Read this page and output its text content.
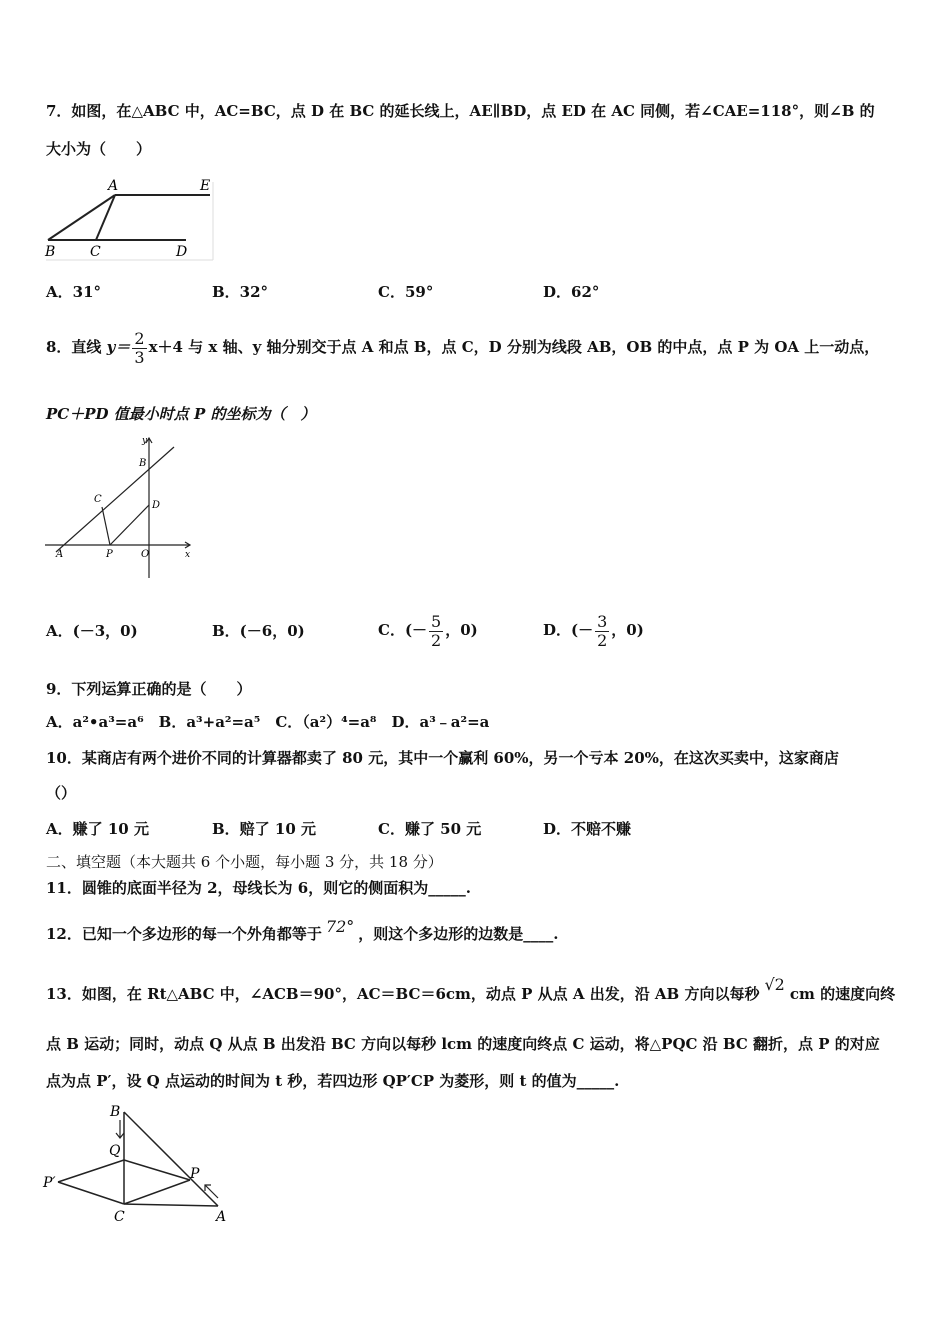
7．如图，在△ABC 中，AC=BC，点 D 在 BC 的延长线上，AE∥BD，点 ED 在 AC 同侧，若∠CAE=118°，则∠B 的
大小为（　　）
A	E
B C	D
A．31°	B．32°	C．59°	D．62°
8．直线 $y= \frac{2}{3} x+4$ 与 x 轴、y 轴分别交于点 A 和点 B，点 C，D 分别为线段 AB，OB 的中点，点 P 为 OA 上一动点，
PC＋PD 值最小时点 P 的坐标为（　）
y
B
C
D
A	P	O	x
A．(－3，0)	B．(－6，0)	C．(－ $\frac{5}{2}$ ，0)	D．(－ $\frac{3}{2}$ ，0)
9．下列运算正确的是（　　）
A．a²•a³=a⁶　B．a³+a²=a⁵　C．（a²）⁴=a⁸　D．a³﹣a²=a
10．某商店有两个进价不同的计算器都卖了 80 元，其中一个赢利 60%，另一个亏本 20%，在这次买卖中，这家商店
（）
A．赚了 10 元	B．赔了 10 元	C．赚了 50 元	D．不赔不赚
二、填空题（本大题共 6 个小题，每小题 3 分，共 18 分）
11．圆锥的底面半径为 2，母线长为 6，则它的侧面积为_____.
12．已知一个多边形的每一个外角都等于 72° ，则这个多边形的边数是____.
13．如图，在 Rt△ABC 中，∠ACB＝90°，AC＝BC＝6cm，动点 P 从点 A 出发，沿 AB 方向以每秒 √2 cm 的速度向终
点 B 运动；同时，动点 Q 从点 B 出发沿 BC 方向以每秒 lcm 的速度向终点 C 运动，将△PQC 沿 BC 翻折，点 P 的对应
点为点 P′，设 Q 点运动的时间为 t 秒，若四边形 QP′CP 为菱形，则 t 的值为_____.
B
Q
P
P′
C	A
